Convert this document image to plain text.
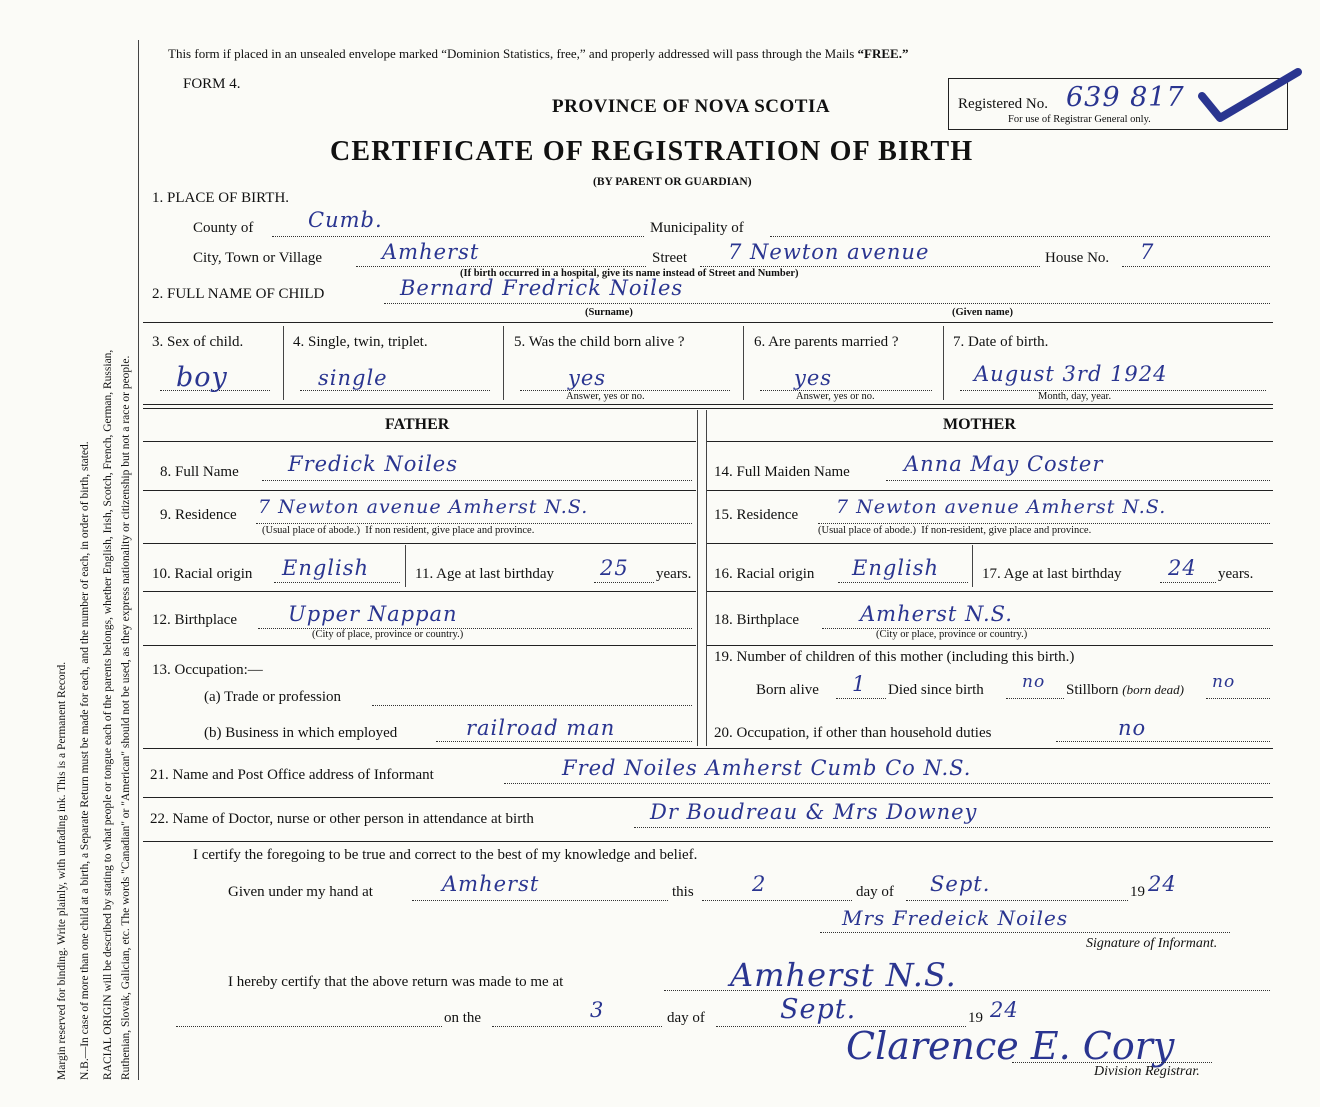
Margin reserved for binding. Write plainly, with unfading ink. This is a Permanent Record. N.B.—In case of more than one child at a birth, a Separate Return must be made for each, and the number of each, in order of birth, stated. RACIAL ORIGIN will be described by stating to what people or tongue each of the parents belongs, whether English, Irish, Scotch, French, German, Russian, Ruthenian, Slovak, Galician, etc. The words "Canadian" or "American" should not be used, as they express nationality or citizenship but not a race or people.
This form if placed in an unsealed envelope marked “Dominion Statistics, free,” and properly addressed will pass through the Mails “FREE.”
FORM 4.
PROVINCE OF NOVA SCOTIA
CERTIFICATE OF REGISTRATION OF BIRTH
(BY PARENT OR GUARDIAN)
Registered No. 639 817
For use of Registrar General only.
1. PLACE OF BIRTH.
County of	Cumb.	Municipality of
City, Town or Village	Amherst	Street 7 Newton avenue	House No. 7
(If birth occurred in a hospital, give its name instead of Street and Number)
2. FULL NAME OF CHILD	Bernard Fredrick Noiles
(Surname)	(Given name)
3. Sex of child.
boy
4. Single, twin, triplet.
single
5. Was the child born alive ?
yes
Answer, yes or no.
6. Are parents married ?
yes
Answer, yes or no.
7. Date of birth.
August 3rd 1924
Month, day, year.
FATHER	MOTHER
8. Full Name Fredick Noiles
9. Residence 7 Newton avenue Amherst N.S.
(Usual place of abode.) If non resident, give place and province.
10. Racial origin English	11. Age at last birthday 25 years.
12. Birthplace Upper Nappan
(City of place, province or country.)
13. Occupation:—
(a) Trade or profession
(b) Business in which employed	railroad man
14. Full Maiden Name	Anna May Coster
15. Residence 7 Newton avenue Amherst N.S.
(Usual place of abode.) If non-resident, give place and province.
16. Racial origin English	17. Age at last birthday 24 years.
18. Birthplace	Amherst N.S.
(City or place, province or country.)
19. Number of children of this mother (including this birth.)
Born alive 1 Died since birth no Stillborn (born dead) no
20. Occupation, if other than household duties	no
21. Name and Post Office address of Informant	Fred Noiles Amherst Cumb Co N.S.
22. Name of Doctor, nurse or other person in attendance at birth	Dr Boudreau & Mrs Downey
I certify the foregoing to be true and correct to the best of my knowledge and belief.
Given under my hand at	Amherst	this	2	day of Sept.	19 24
Mrs Fredeick Noiles
Signature of Informant.
I hereby certify that the above return was made to me at	Amherst N.S.
on the	3	day of	Sept.	19 24
Clarence E. Cory
Division Registrar.
